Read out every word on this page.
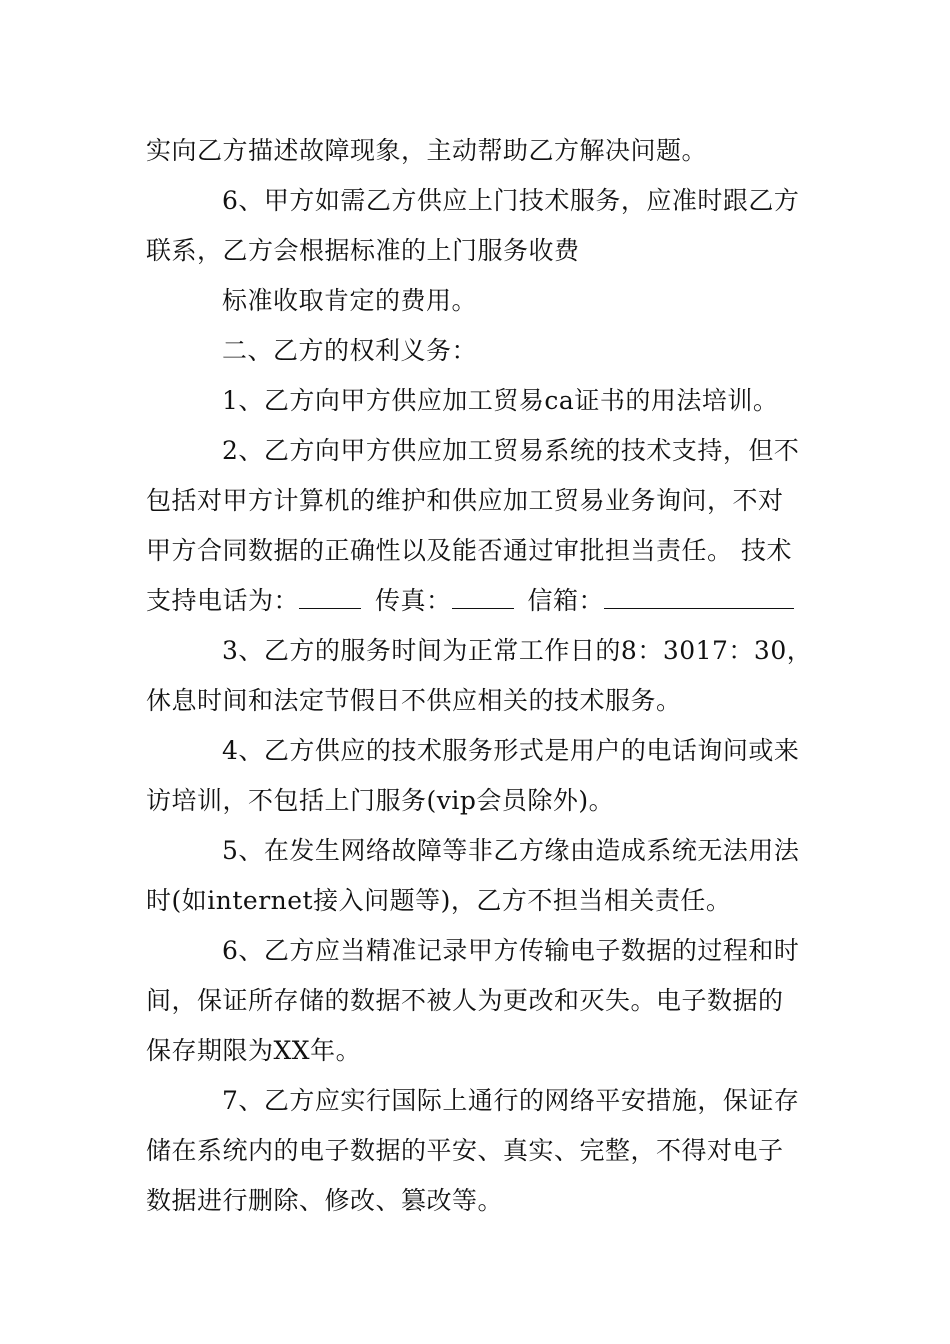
实向乙方描述故障现象，主动帮助乙方解决问题。
6、甲方如需乙方供应上门技术服务，应准时跟乙方
联系，乙方会根据标准的上门服务收费
标准收取肯定的费用。
二、乙方的权利义务：
1、乙方向甲方供应加工贸易ca证书的用法培训。
2、乙方向甲方供应加工贸易系统的技术支持，但不
包括对甲方计算机的维护和供应加工贸易业务询问，不对
甲方合同数据的正确性以及能否通过审批担当责任。 技术
支持电话为：	传真：	信箱：
3、乙方的服务时间为正常工作日的8：3017：30，
休息时间和法定节假日不供应相关的技术服务。
4、乙方供应的技术服务形式是用户的电话询问或来
访培训，不包括上门服务(vip会员除外)。
5、在发生网络故障等非乙方缘由造成系统无法用法
时(如internet接入问题等)，乙方不担当相关责任。
6、乙方应当精准记录甲方传输电子数据的过程和时
间，保证所存储的数据不被人为更改和灭失。电子数据的
保存期限为XX年。
7、乙方应实行国际上通行的网络平安措施，保证存
储在系统内的电子数据的平安、真实、完整，不得对电子
数据进行删除、修改、篡改等。
